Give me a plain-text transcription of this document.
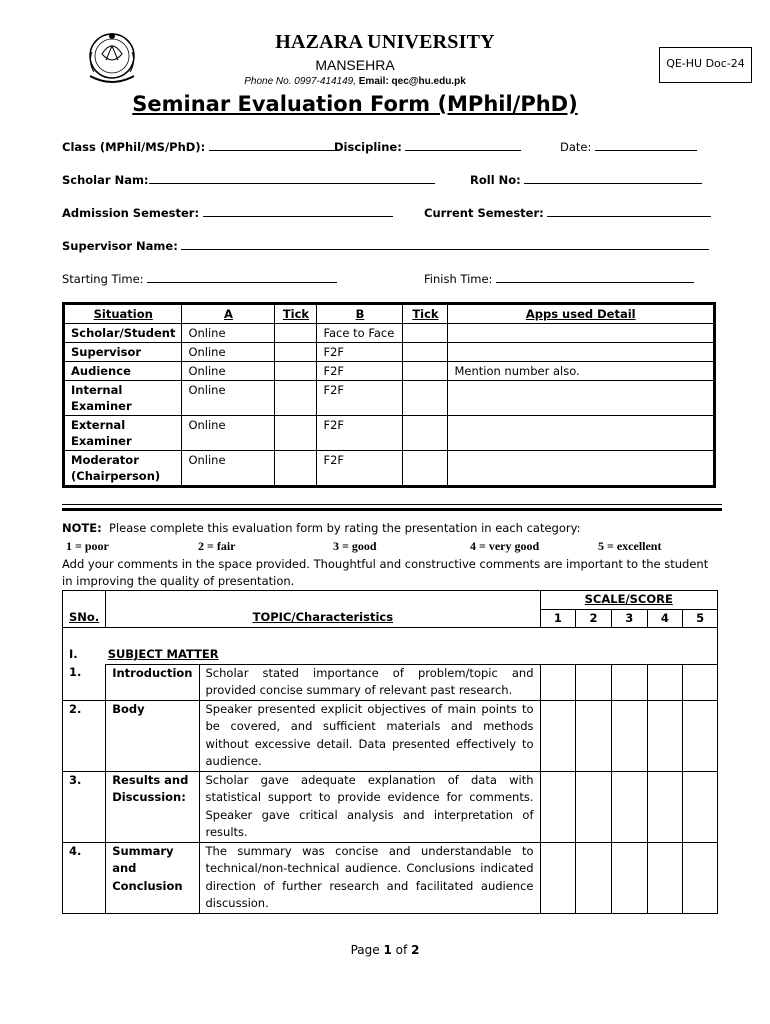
HAZARA UNIVERSITY
MANSEHRA
Phone No. 0997-414149, Email: qec@hu.edu.pk
QE-HU Doc-24
Seminar Evaluation Form (MPhil/PhD)
Class (MPhil/MS/PhD):	Discipline:	Date:
Scholar Nam:	Roll No:
Admission Semester:	Current Semester:
Supervisor Name:
Starting Time:	Finish Time:
Situation	A	Tick	B	Tick	Apps used Detail
Scholar/Student	Online		Face to Face		
Supervisor	Online		F2F		
Audience	Online		F2F		Mention number also.
Internal Examiner	Online		F2F		
External Examiner	Online		F2F		
Moderator (Chairperson)	Online		F2F		
NOTE: Please complete this evaluation form by rating the presentation in each category:
1 = poor	2 = fair	3 = good	4 = very good	5 = excellent
Add your comments in the space provided. Thoughtful and constructive comments are important to the student in improving the quality of presentation.
SNo.	TOPIC/Characteristics		SCALE/SCORE				
			1	2	3	4	5
I.	SUBJECT MATTER						
1.	Introduction	Scholar stated importance of problem/topic and provided concise summary of relevant past research.					
2.	Body	Speaker presented explicit objectives of main points to be covered, and sufficient materials and methods without excessive detail. Data presented effectively to audience.					
3.	Results and Discussion:	Scholar gave adequate explanation of data with statistical support to provide evidence for comments. Speaker gave critical analysis and interpretation of results.					
4.	Summary and Conclusion	The summary was concise and understandable to technical/non-technical audience. Conclusions indicated direction of further research and facilitated audience discussion.					
Page 1 of 2
